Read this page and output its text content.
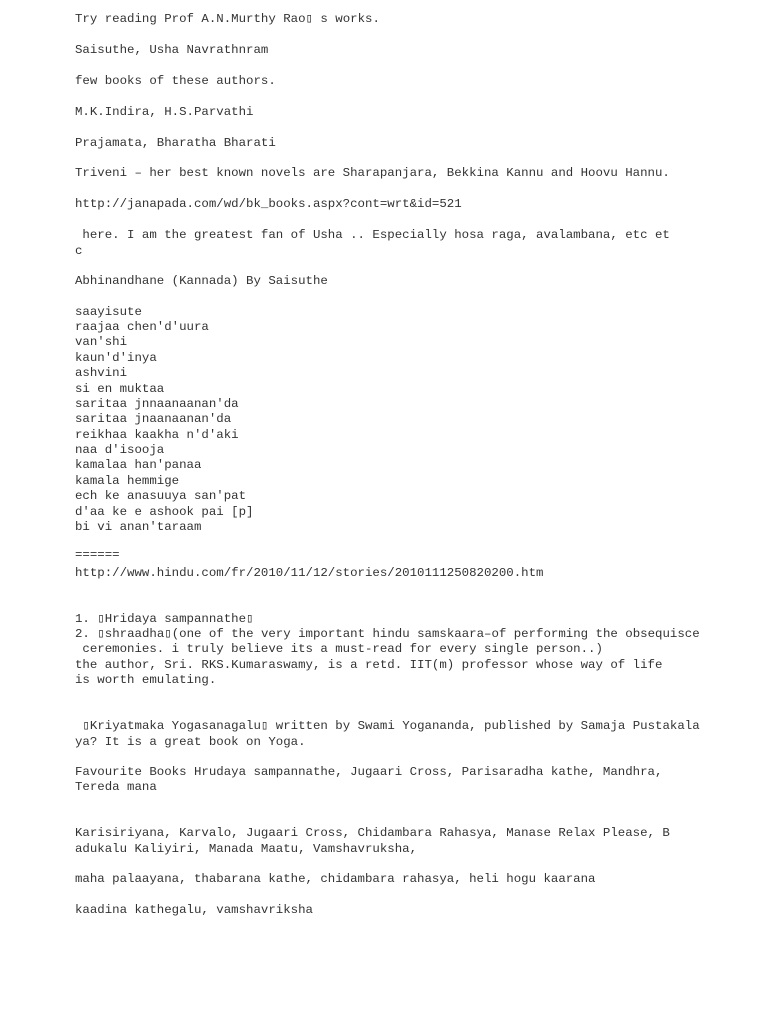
Try reading Prof A.N.Murthy Rao▯ s works.
Saisuthe, Usha Navrathnram
few books of these authors.
M.K.Indira, H.S.Parvathi
Prajamata, Bharatha Bharati
Triveni – her best known novels are Sharapanjara, Bekkina Kannu and Hoovu Hannu.
http://janapada.com/wd/bk_books.aspx?cont=wrt&id=521
here. I am the greatest fan of Usha .. Especially hosa raga, avalambana, etc et
c
Abhinandhane (Kannada) By Saisuthe
saayisute
raajaa chen'd'uura
van'shi
kaun'd'inya
ashvini
si en muktaa
saritaa jnnaanaanan'da
saritaa jnaanaanan'da
reikhaa kaakha n'd'aki
naa d'isooja
kamalaa han'panaa
kamala hemmige
ech ke anasuuya san'pat
d'aa ke e ashook pai [p]
bi vi anan'taraam
======
http://www.hindu.com/fr/2010/11/12/stories/2010111250820200.htm
1. ▯Hridaya sampannathe▯
2. ▯shraadha▯(one of the very important hindu samskaara–of performing the obsequisce
ceremonies. i truly believe its a must-read for every single person..)
the author, Sri. RKS.Kumaraswamy, is a retd. IIT(m) professor whose way of life
is worth emulating.
▯Kriyatmaka Yogasanagalu▯ written by Swami Yogananda, published by Samaja Pustakala
ya? It is a great book on Yoga.
Favourite Books Hrudaya sampannathe, Jugaari Cross, Parisaradha kathe, Mandhra,
Tereda mana
Karisiriyana, Karvalo, Jugaari Cross, Chidambara Rahasya, Manase Relax Please, B
adukalu Kaliyiri, Manada Maatu, Vamshavruksha,
maha palaayana, thabarana kathe, chidambara rahasya, heli hogu kaarana
kaadina kathegalu, vamshavriksha
